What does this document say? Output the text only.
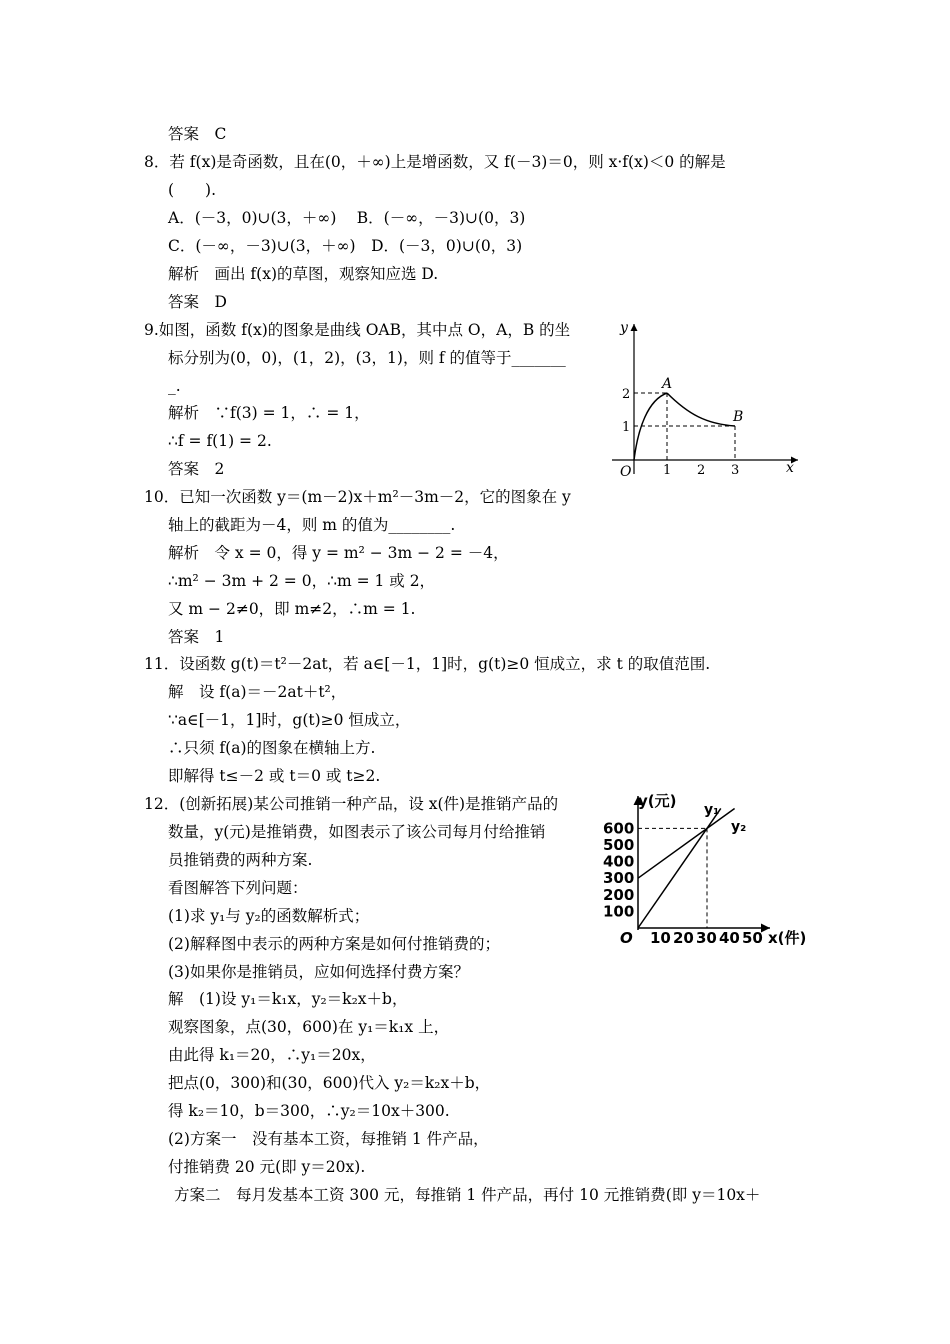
答案　C
8．若 f(x)是奇函数，且在(0，＋∞)上是增函数，又 f(－3)＝0，则 x·f(x)＜0 的解是
(　　).
A．(－3，0)∪(3，＋∞)　 B．(－∞，－3)∪(0，3)
C．(－∞，－3)∪(3，＋∞)　D．(－3，0)∪(0，3)
解析　画出 f(x)的草图，观察知应选 D.
答案　D
9.如图，函数 f(x)的图象是曲线 OAB，其中点 O，A，B 的坐
标分别为(0，0)，(1，2)，(3，1)，则 f 的值等于_______
_.
解析　∵f(3) = 1，∴ = 1，
∴f = f(1) = 2.
答案　2
10．已知一次函数 y＝(m－2)x＋m²－3m－2，它的图象在 y
轴上的截距为－4，则 m 的值为________.
解析　令 x = 0，得 y = m² − 3m − 2 = －4，
∴m² − 3m + 2 = 0，∴m = 1 或 2，
又 m − 2≠0，即 m≠2，∴m = 1.
答案　1
11．设函数 g(t)＝t²－2at，若 a∈[－1，1]时，g(t)≥0 恒成立，求 t 的取值范围.
解　设 f(a)＝－2at＋t²，
∵a∈[－1，1]时，g(t)≥0 恒成立，
∴只须 f(a)的图象在横轴上方.
即解得 t≤－2 或 t＝0 或 t≥2.
12．(创新拓展)某公司推销一种产品，设 x(件)是推销产品的
数量，y(元)是推销费，如图表示了该公司每月付给推销
员推销费的两种方案.
看图解答下列问题：
(1)求 y₁与 y₂的函数解析式；
(2)解释图中表示的两种方案是如何付推销费的；
(3)如果你是推销员，应如何选择付费方案？
解　(1)设 y₁＝k₁x，y₂＝k₂x＋b，
观察图象，点(30，600)在 y₁＝k₁x 上，
由此得 k₁＝20，∴y₁＝20x，
把点(0，300)和(30，600)代入 y₂＝k₂x＋b，
得 k₂＝10，b＝300，∴y₂＝10x＋300.
(2)方案一　没有基本工资，每推销 1 件产品，
付推销费 20 元(即 y＝20x).
方案二　每月发基本工资 300 元，每推销 1 件产品，再付 10 元推销费(即 y＝10x＋
y
x
O
A
B
1 2 3
2
1
y(元)
x(件)
O
100
200
300
400
500
600
10 20 30 40 50
y₁
y₂
